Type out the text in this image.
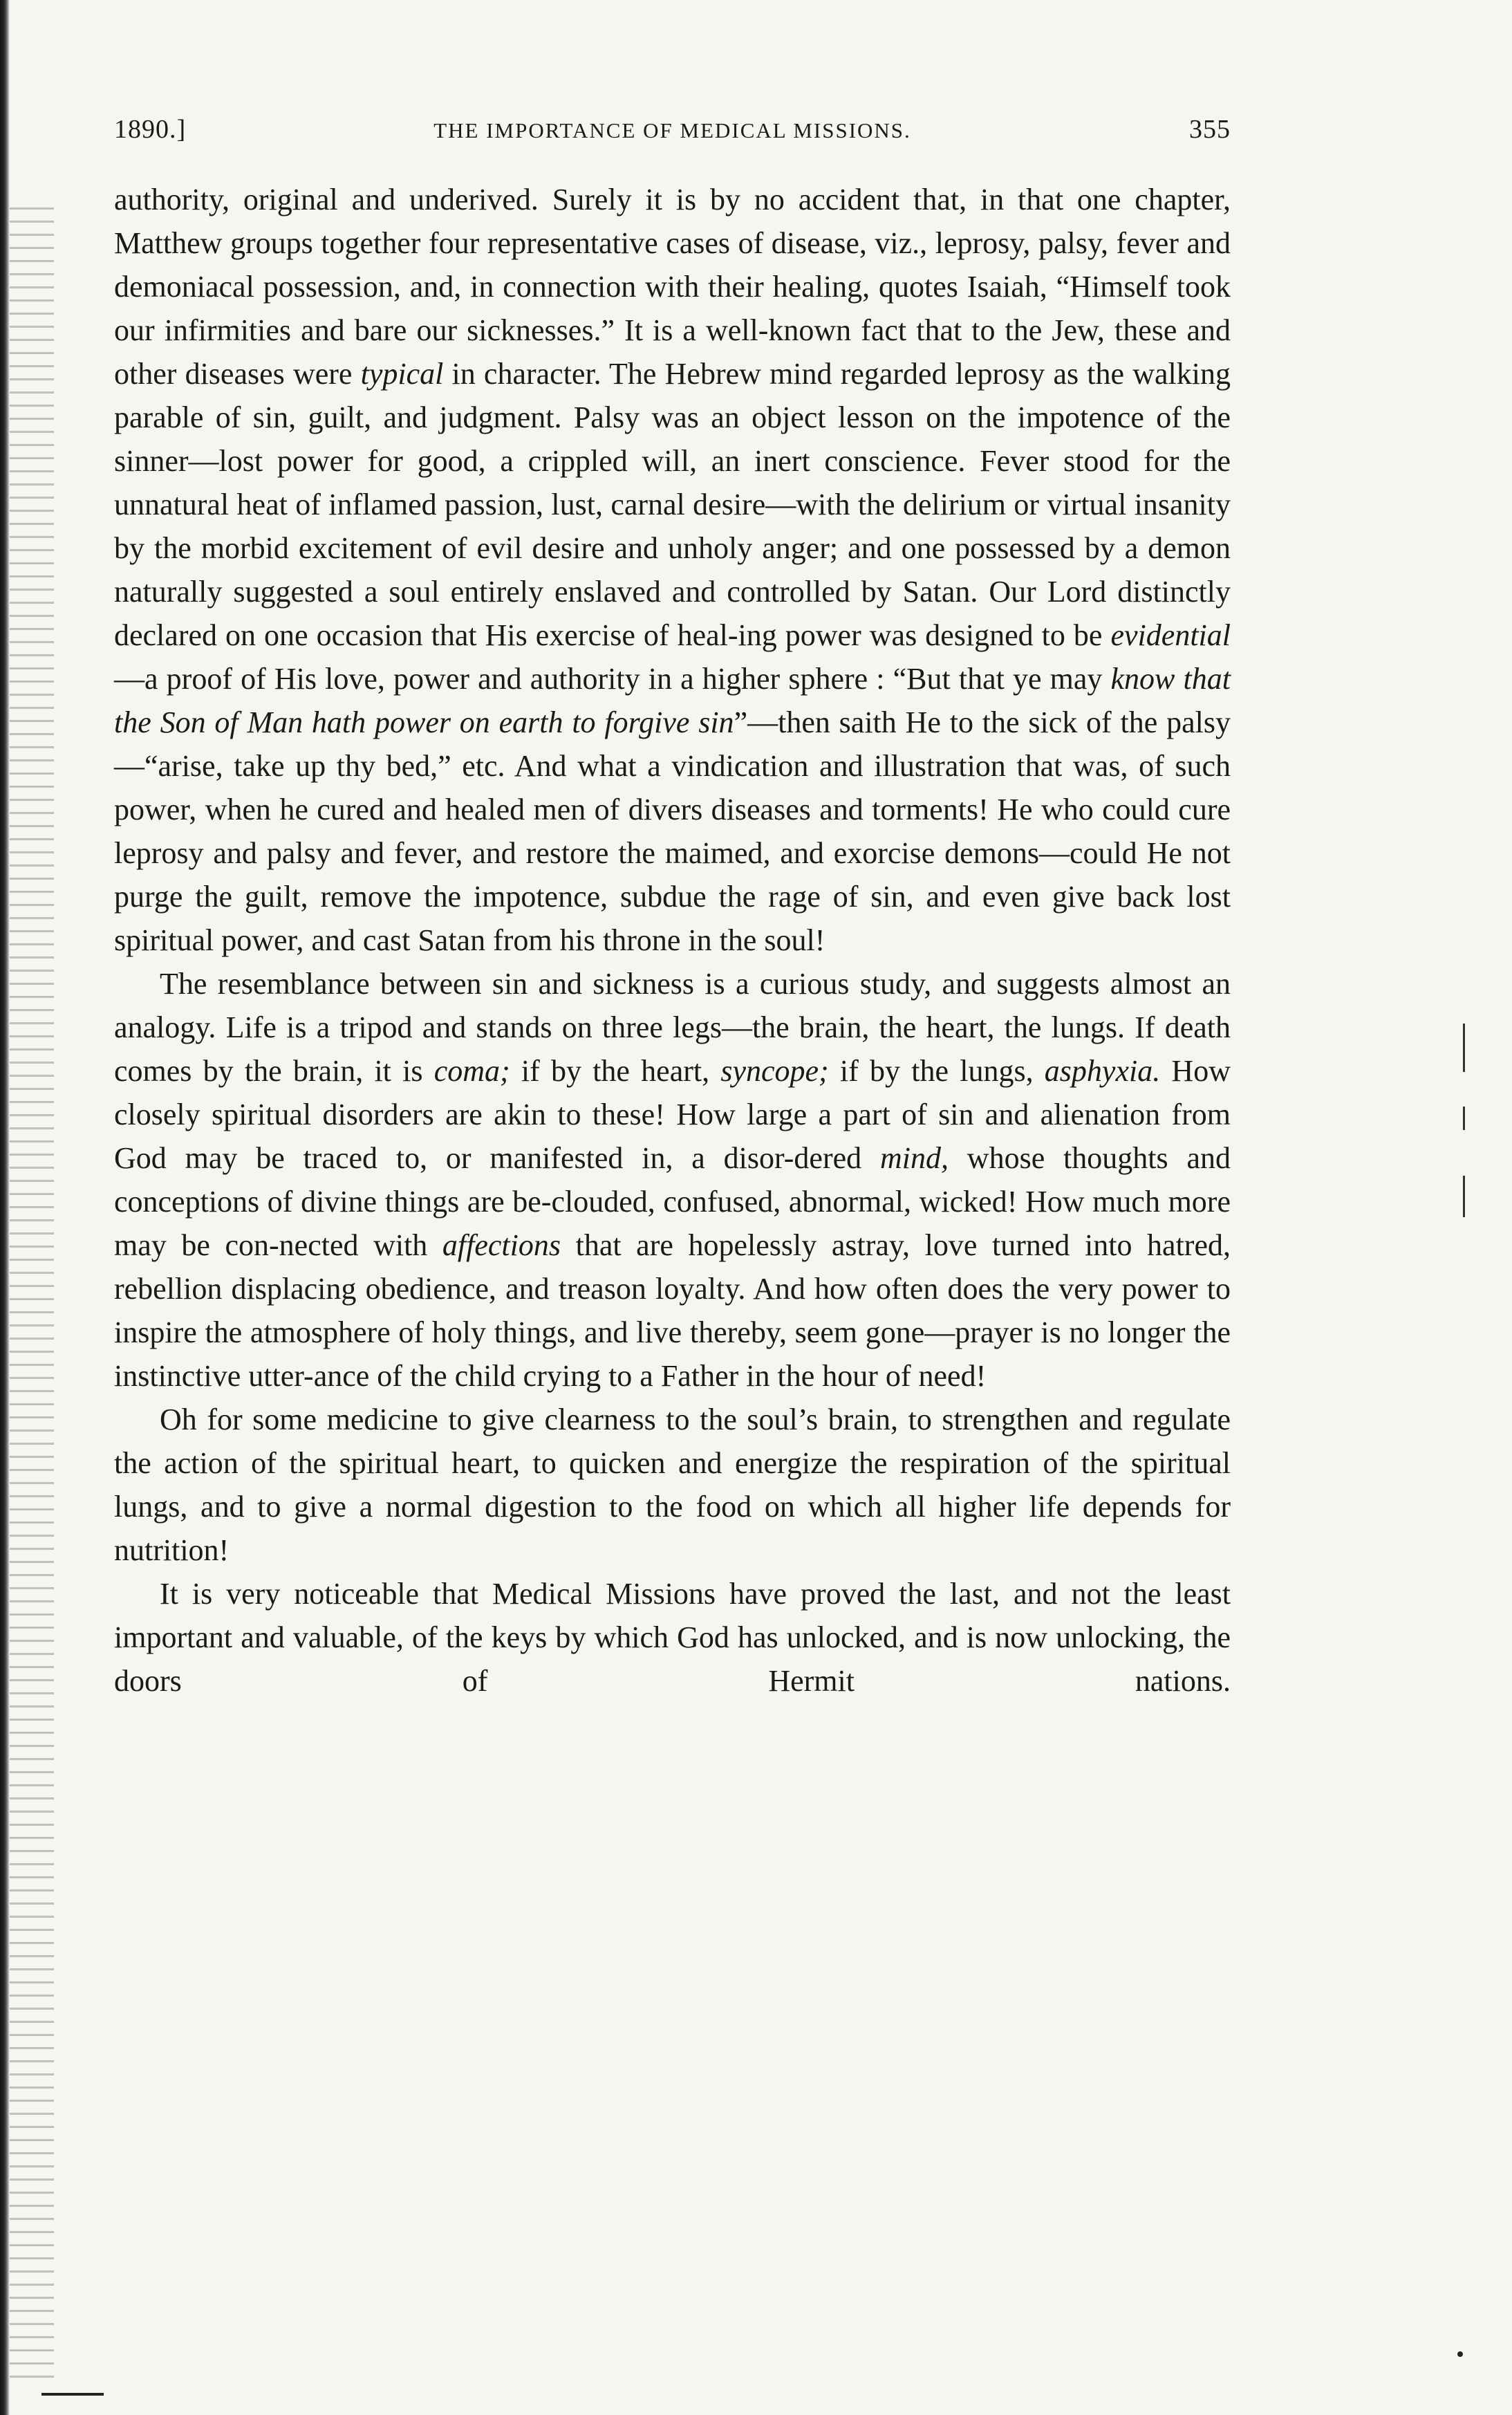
1890.]	THE IMPORTANCE OF MEDICAL MISSIONS.	355

authority, original and underived. Surely it is by no accident that, in that one chapter, Matthew groups together four representative cases of disease, viz., leprosy, palsy, fever and demoniacal possession, and, in connection with their healing, quotes Isaiah, “Himself took our infirmities and bare our sicknesses.” It is a well-known fact that to the Jew, these and other diseases were typical in character. The Hebrew mind regarded leprosy as the walking parable of sin, guilt, and judgment. Palsy was an object lesson on the impotence of the sinner—lost power for good, a crippled will, an inert conscience. Fever stood for the unnatural heat of inflamed passion, lust, carnal desire—with the delirium or virtual insanity by the morbid excitement of evil desire and unholy anger; and one possessed by a demon naturally suggested a soul entirely enslaved and controlled by Satan. Our Lord distinctly declared on one occasion that His exercise of heal-ing power was designed to be evidential—a proof of His love, power and authority in a higher sphere : “But that ye may know that the Son of Man hath power on earth to forgive sin”—then saith He to the sick of the palsy—“arise, take up thy bed,” etc. And what a vindication and illustration that was, of such power, when he cured and healed men of divers diseases and torments! He who could cure leprosy and palsy and fever, and restore the maimed, and exorcise demons—could He not purge the guilt, remove the impotence, subdue the rage of sin, and even give back lost spiritual power, and cast Satan from his throne in the soul!

The resemblance between sin and sickness is a curious study, and suggests almost an analogy. Life is a tripod and stands on three legs—the brain, the heart, the lungs. If death comes by the brain, it is coma; if by the heart, syncope; if by the lungs, asphyxia. How closely spiritual disorders are akin to these! How large a part of sin and alienation from God may be traced to, or manifested in, a disor-dered mind, whose thoughts and conceptions of divine things are be-clouded, confused, abnormal, wicked! How much more may be con-nected with affections that are hopelessly astray, love turned into hatred, rebellion displacing obedience, and treason loyalty. And how often does the very power to inspire the atmosphere of holy things, and live thereby, seem gone—prayer is no longer the instinctive utter-ance of the child crying to a Father in the hour of need!

Oh for some medicine to give clearness to the soul’s brain, to strengthen and regulate the action of the spiritual heart, to quicken and energize the respiration of the spiritual lungs, and to give a normal digestion to the food on which all higher life depends for nutrition!

It is very noticeable that Medical Missions have proved the last, and not the least important and valuable, of the keys by which God has unlocked, and is now unlocking, the doors of Hermit nations.
